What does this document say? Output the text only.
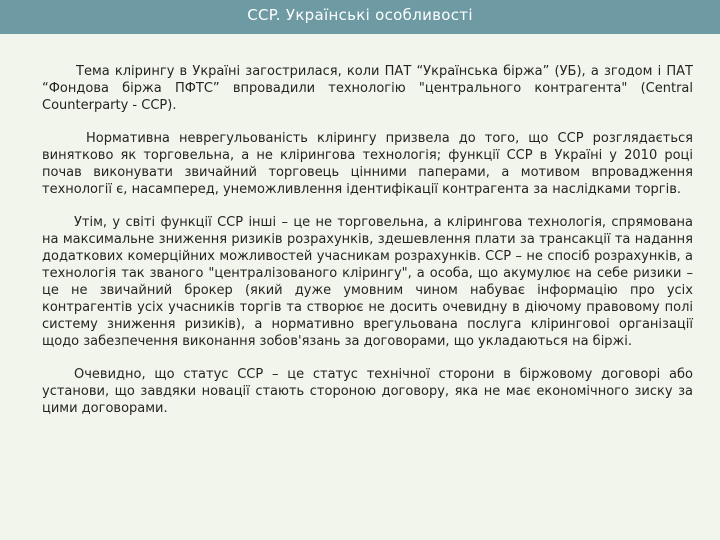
CCP. Українські особливості

Тема клірингу в Україні загострилася, коли ПАТ “Українська біржа” (УБ), а згодом і ПАТ “Фондова біржа ПФТС” впровадили технологію "центрального контрагента" (Central Counterparty - CCP).

Нормативна неврегульованість клірингу призвела до того, що CCP розглядається винятково як торговельна, а не клірингова технологія; функції CCP в Україні у 2010 році почав виконувати звичайний торговець цінними паперами, а мотивом впровадження технології є, насамперед, унеможливлення ідентифікації контрагента за наслідками торгів.

Утім, у світі функції CCP інші – це не торговельна, а кліринговa технологія, спрямована на максимальне зниження ризиків розрахунків, здешевлення плати за трансакції та надання додаткових комерційних можливостей учасникам розрахунків. CCP – не спосіб розрахунків, а технологія так званого "централізованого клірингу", а особа, що акумулює на себе ризики – це не звичайний брокер (який дуже умовним чином набуває інформацію про усіх контрагентів усіх учасників торгів та створює не досить очевидну в діючому правовому полі систему зниження ризиків), а нормативно врегульована послуга кліринговоі організації щодо забезпечення виконання зобов'язань за договорами, що укладаються на біржі.

Очевидно, що статус CCP – це статус технічної сторони в біржовому договорі або установи, що завдяки новації стають стороною договору, яка не має економічного зиску за цими договорами.
